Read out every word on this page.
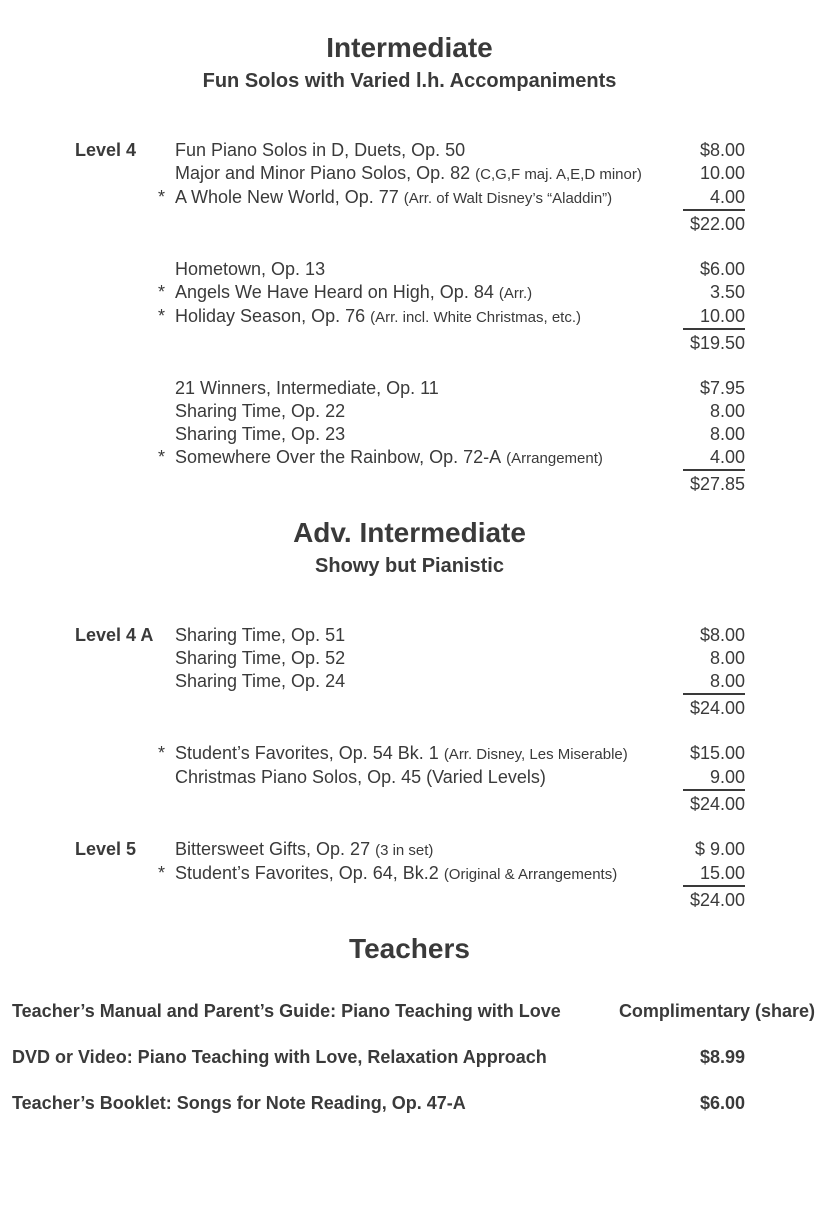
Intermediate
Fun Solos with Varied l.h. Accompaniments
Level 4	Fun Piano Solos in D, Duets, Op. 50	$8.00
Major and Minor Piano Solos, Op. 82 (C,G,F maj. A,E,D minor)	10.00
* A Whole New World, Op. 77 (Arr. of Walt Disney’s “Aladdin”)	4.00
$22.00
Hometown, Op. 13	$6.00
* Angels We Have Heard on High, Op. 84 (Arr.)	3.50
* Holiday Season, Op. 76 (Arr. incl. White Christmas, etc.)	10.00
$19.50
21 Winners, Intermediate, Op. 11	$7.95
Sharing Time, Op. 22	8.00
Sharing Time, Op. 23	8.00
* Somewhere Over the Rainbow, Op. 72-A (Arrangement)	4.00
$27.85
Adv. Intermediate
Showy but Pianistic
Level 4 A	Sharing Time, Op. 51	$8.00
Sharing Time, Op. 52	8.00
Sharing Time, Op. 24	8.00
$24.00
* Student’s Favorites, Op. 54 Bk. 1 (Arr. Disney, Les Miserable)	$15.00
Christmas Piano Solos, Op. 45 (Varied Levels)	9.00
$24.00
Level 5	Bittersweet Gifts, Op. 27 (3 in set)	$ 9.00
* Student’s Favorites, Op. 64, Bk.2 (Original & Arrangements)	15.00
$24.00
Teachers
Teacher’s Manual and Parent’s Guide: Piano Teaching with Love	Complimentary (share)
DVD or Video: Piano Teaching with Love, Relaxation Approach	$8.99
Teacher’s Booklet: Songs for Note Reading, Op. 47-A	$6.00
